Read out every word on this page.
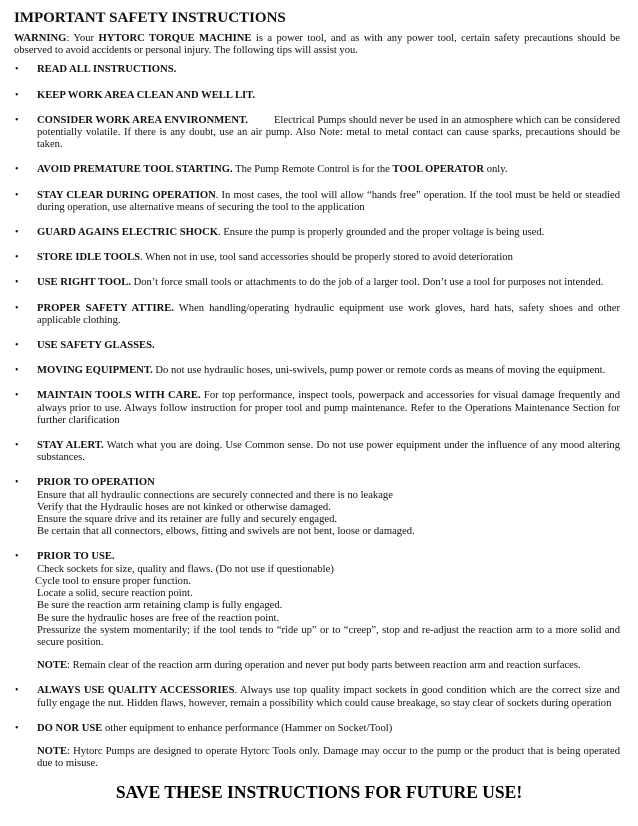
IMPORTANT SAFETY INSTRUCTIONS

WARNING: Your HYTORC TORQUE MACHINE is a power tool, and as with any power tool, certain safety precautions should be observed to avoid accidents or personal injury. The following tips will assist you.

• READ ALL INSTRUCTIONS.
• KEEP WORK AREA CLEAN AND WELL LIT.
• CONSIDER WORK AREA ENVIRONMENT. Electrical Pumps should never be used in an atmosphere which can be considered potentially volatile. If there is any doubt, use an air pump. Also Note: metal to metal contact can cause sparks, precautions should be taken.
• AVOID PREMATURE TOOL STARTING. The Pump Remote Control is for the TOOL OPERATOR only.
• STAY CLEAR DURING OPERATION. In most cases, the tool will allow “hands free” operation. If the tool must be held or steadied during operation, use alternative means of securing the tool to the application
• GUARD AGAINS ELECTRIC SHOCK. Ensure the pump is properly grounded and the proper voltage is being used.
• STORE IDLE TOOLS. When not in use, tool sand accessories should be properly stored to avoid deterioration
• USE RIGHT TOOL. Don’t force small tools or attachments to do the job of a larger tool. Don’t use a tool for purposes not intended.
• PROPER SAFETY ATTIRE. When handling/operating hydraulic equipment use work gloves, hard hats, safety shoes and other applicable clothing.
• USE SAFETY GLASSES.
• MOVING EQUIPMENT. Do not use hydraulic hoses, uni-swivels, pump power or remote cords as means of moving the equipment.
• MAINTAIN TOOLS WITH CARE. For top performance, inspect tools, powerpack and accessories for visual damage frequently and always prior to use. Always follow instruction for proper tool and pump maintenance. Refer to the Operations Maintenance Section for further clarification
• STAY ALERT. Watch what you are doing. Use Common sense. Do not use power equipment under the influence of any mood altering substances.
• PRIOR TO OPERATION
Ensure that all hydraulic connections are securely connected and there is no leakage
Verify that the Hydraulic hoses are not kinked or otherwise damaged.
Ensure the square drive and its retainer are fully and securely engaged.
Be certain that all connectors, elbows, fitting and swivels are not bent, loose or damaged.
• PRIOR TO USE.
Check sockets for size, quality and flaws. (Do not use if questionable)
Cycle tool to ensure proper function.
Locate a solid, secure reaction point.
Be sure the reaction arm retaining clamp is fully engaged.
Be sure the hydraulic hoses are free of the reaction point.
Pressurize the system momentarily; if the tool tends to “ride up” or to “creep”, stop and re-adjust the reaction arm to a more solid and secure position.
NOTE: Remain clear of the reaction arm during operation and never put body parts between reaction arm and reaction surfaces.
• ALWAYS USE QUALITY ACCESSORIES. Always use top quality impact sockets in good condition which are the correct size and fully engage the nut. Hidden flaws, however, remain a possibility which could cause breakage, so stay clear of sockets during operation
• DO NOR USE other equipment to enhance performance (Hammer on Socket/Tool)
NOTE: Hytorc Pumps are designed to operate Hytorc Tools only. Damage may occur to the pump or the product that is being operated due to misuse.
SAVE THESE INSTRUCTIONS FOR FUTURE USE!
